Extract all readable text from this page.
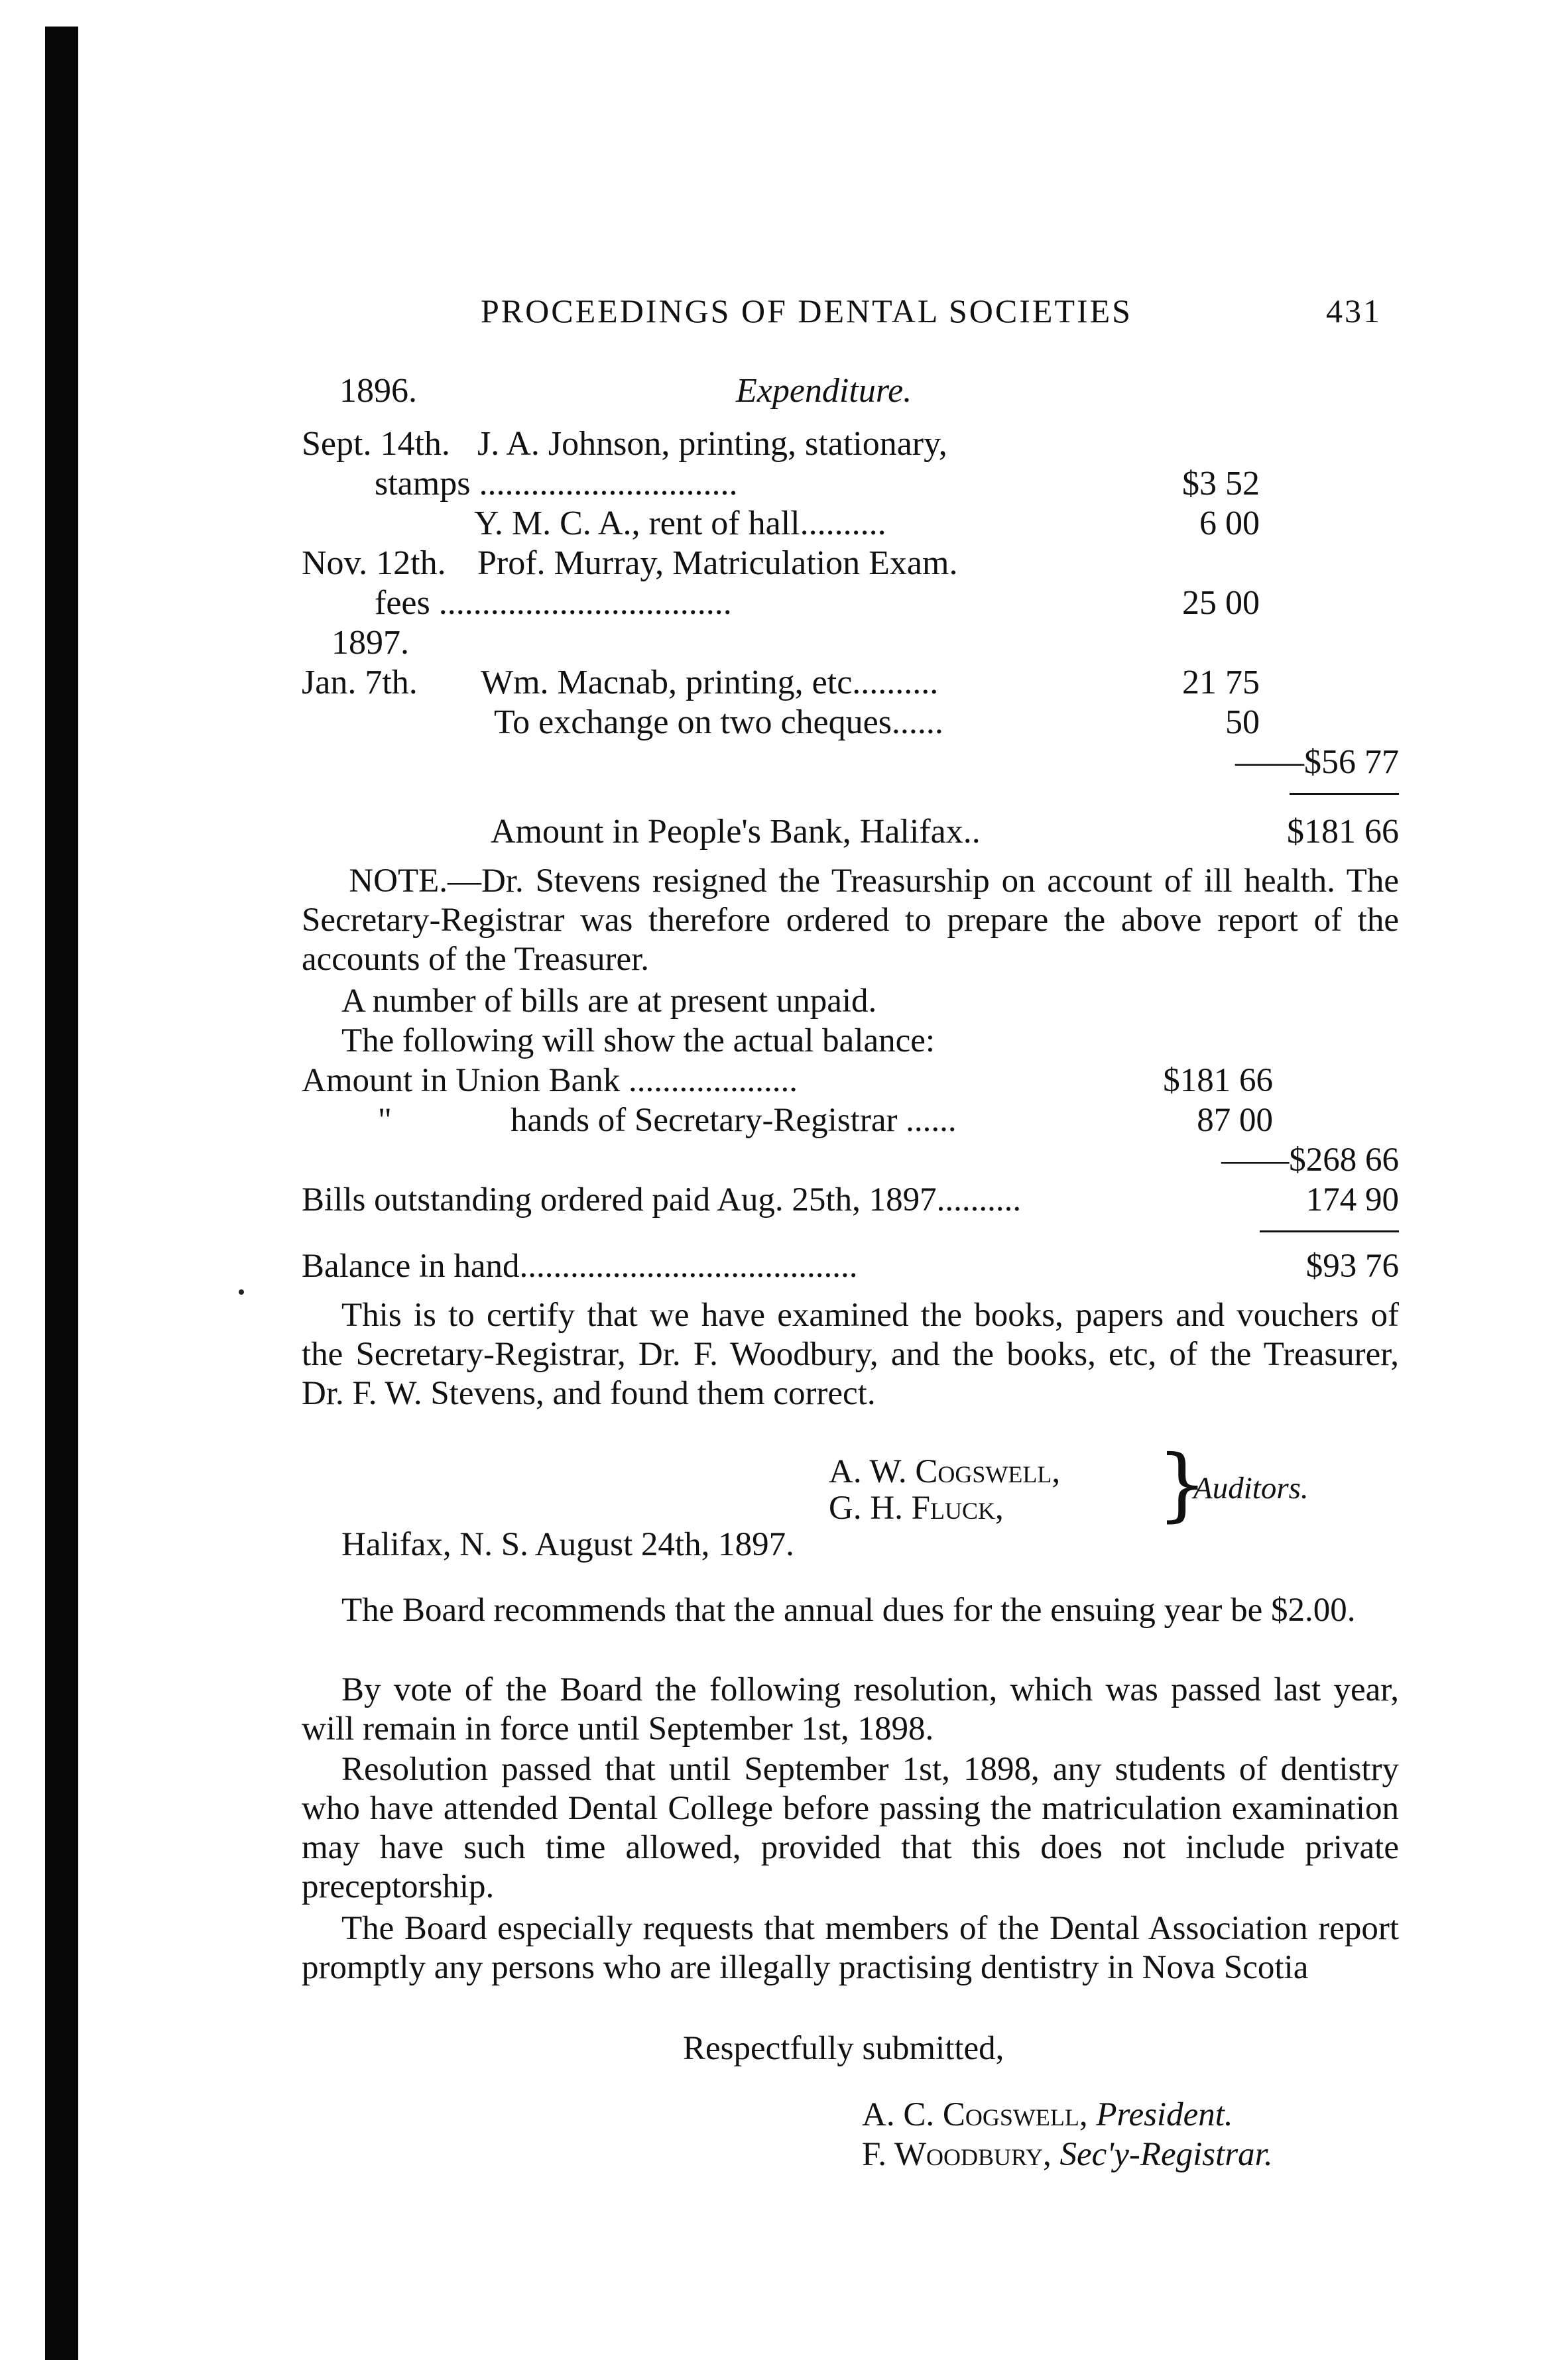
PROCEEDINGS OF DENTAL SOCIETIES	431
1896.	Expenditure.
Sept. 14th. J. A. Johnson, printing, stationary,
stamps ..............................	$3 52
Y. M. C. A., rent of hall..........	6 00
Nov. 12th. Prof. Murray, Matriculation Exam.
fees ..................................	25 00
1897.
Jan. 7th. Wm. Macnab, printing, etc..........	21 75
To exchange on two cheques......	50
——$56 77
Amount in People's Bank, Halifax..	$181 66
NOTE.—Dr. Stevens resigned the Treasurship on account of ill health. The Secretary-Registrar was therefore ordered to prepare the above report of the accounts of the Treasurer.
A number of bills are at present unpaid.
The following will show the actual balance:
Amount in Union Bank ....................	$181 66
"	hands of Secretary-Registrar ......	87 00
——$268 66
Bills outstanding ordered paid Aug. 25th, 1897..........	174 90
Balance in hand........................................	$93 76
This is to certify that we have examined the books, papers and vouchers of the Secretary-Registrar, Dr. F. Woodbury, and the books, etc, of the Treasurer, Dr. F. W. Stevens, and found them correct.
A. W. Cogswell,
G. H. Fluck, }
Auditors.
Halifax, N. S. August 24th, 1897.
The Board recommends that the annual dues for the ensuing year be $2.00.
By vote of the Board the following resolution, which was passed last year, will remain in force until September 1st, 1898.
Resolution passed that until September 1st, 1898, any students of dentistry who have attended Dental College before passing the matriculation examination may have such time allowed, provided that this does not include private preceptorship.
The Board especially requests that members of the Dental Association report promptly any persons who are illegally practising dentistry in Nova Scotia
Respectfully submitted,
A. C. Cogswell, President.
F. Woodbury, Sec'y-Registrar.
